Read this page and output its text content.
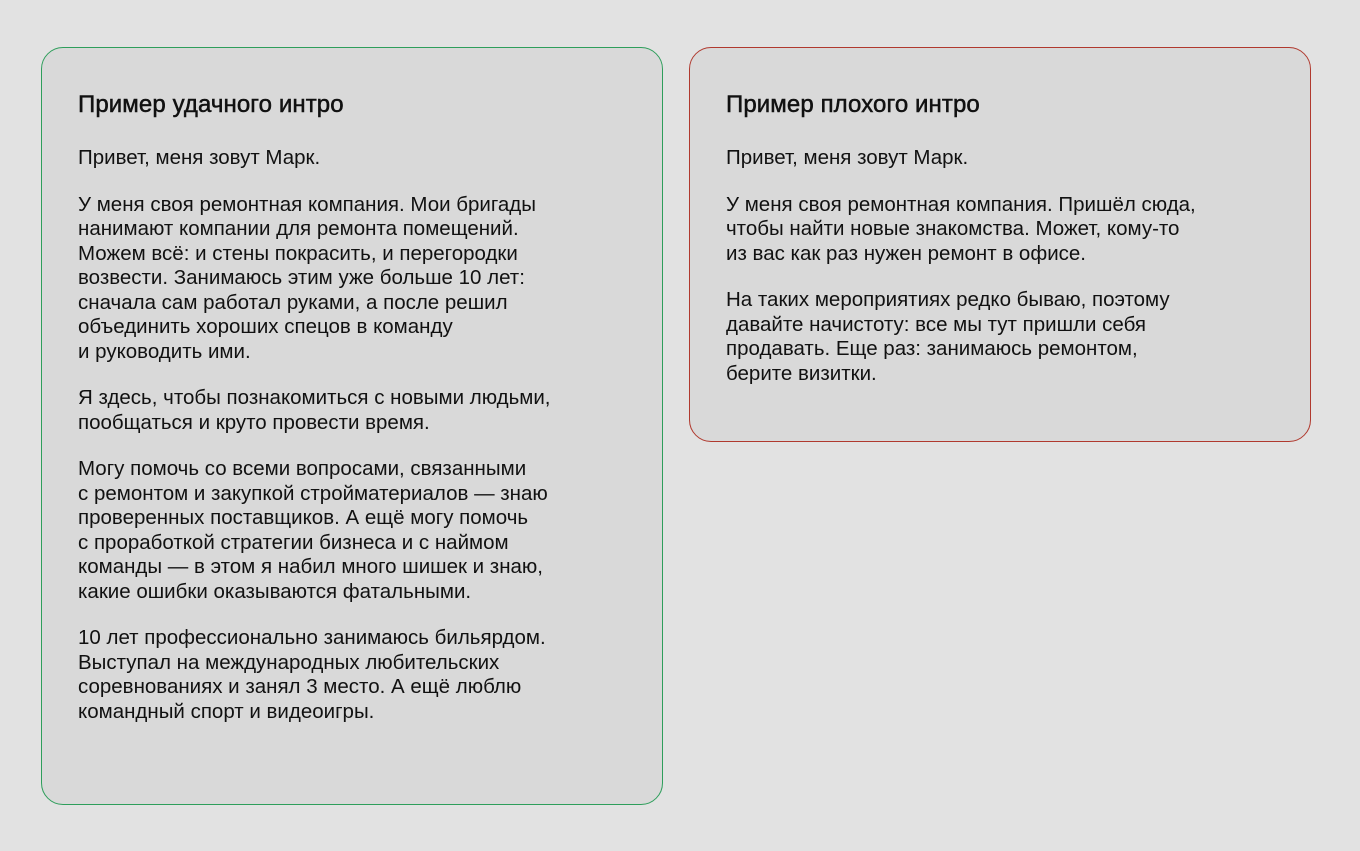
Пример удачного интро
Привет, меня зовут Марк.
У меня своя ремонтная компания. Мои бригады
нанимают компании для ремонта помещений.
Можем всё: и стены покрасить, и перегородки
возвести. Занимаюсь этим уже больше 10 лет:
сначала сам работал руками, а после решил
объединить хороших спецов в команду
и руководить ими.
Я здесь, чтобы познакомиться с новыми людьми,
пообщаться и круто провести время.
Могу помочь со всеми вопросами, связанными
с ремонтом и закупкой стройматериалов — знаю
проверенных поставщиков. А ещё могу помочь
с проработкой стратегии бизнеса и с наймом
команды — в этом я набил много шишек и знаю,
какие ошибки оказываются фатальными.
10 лет профессионально занимаюсь бильярдом.
Выступал на международных любительских
соревнованиях и занял 3 место. А ещё люблю
командный спорт и видеоигры.
Пример плохого интро
Привет, меня зовут Марк.
У меня своя ремонтная компания. Пришёл сюда,
чтобы найти новые знакомства. Может, кому-то
из вас как раз нужен ремонт в офисе.
На таких мероприятиях редко бываю, поэтому
давайте начистоту: все мы тут пришли себя
продавать. Еще раз: занимаюсь ремонтом,
берите визитки.
